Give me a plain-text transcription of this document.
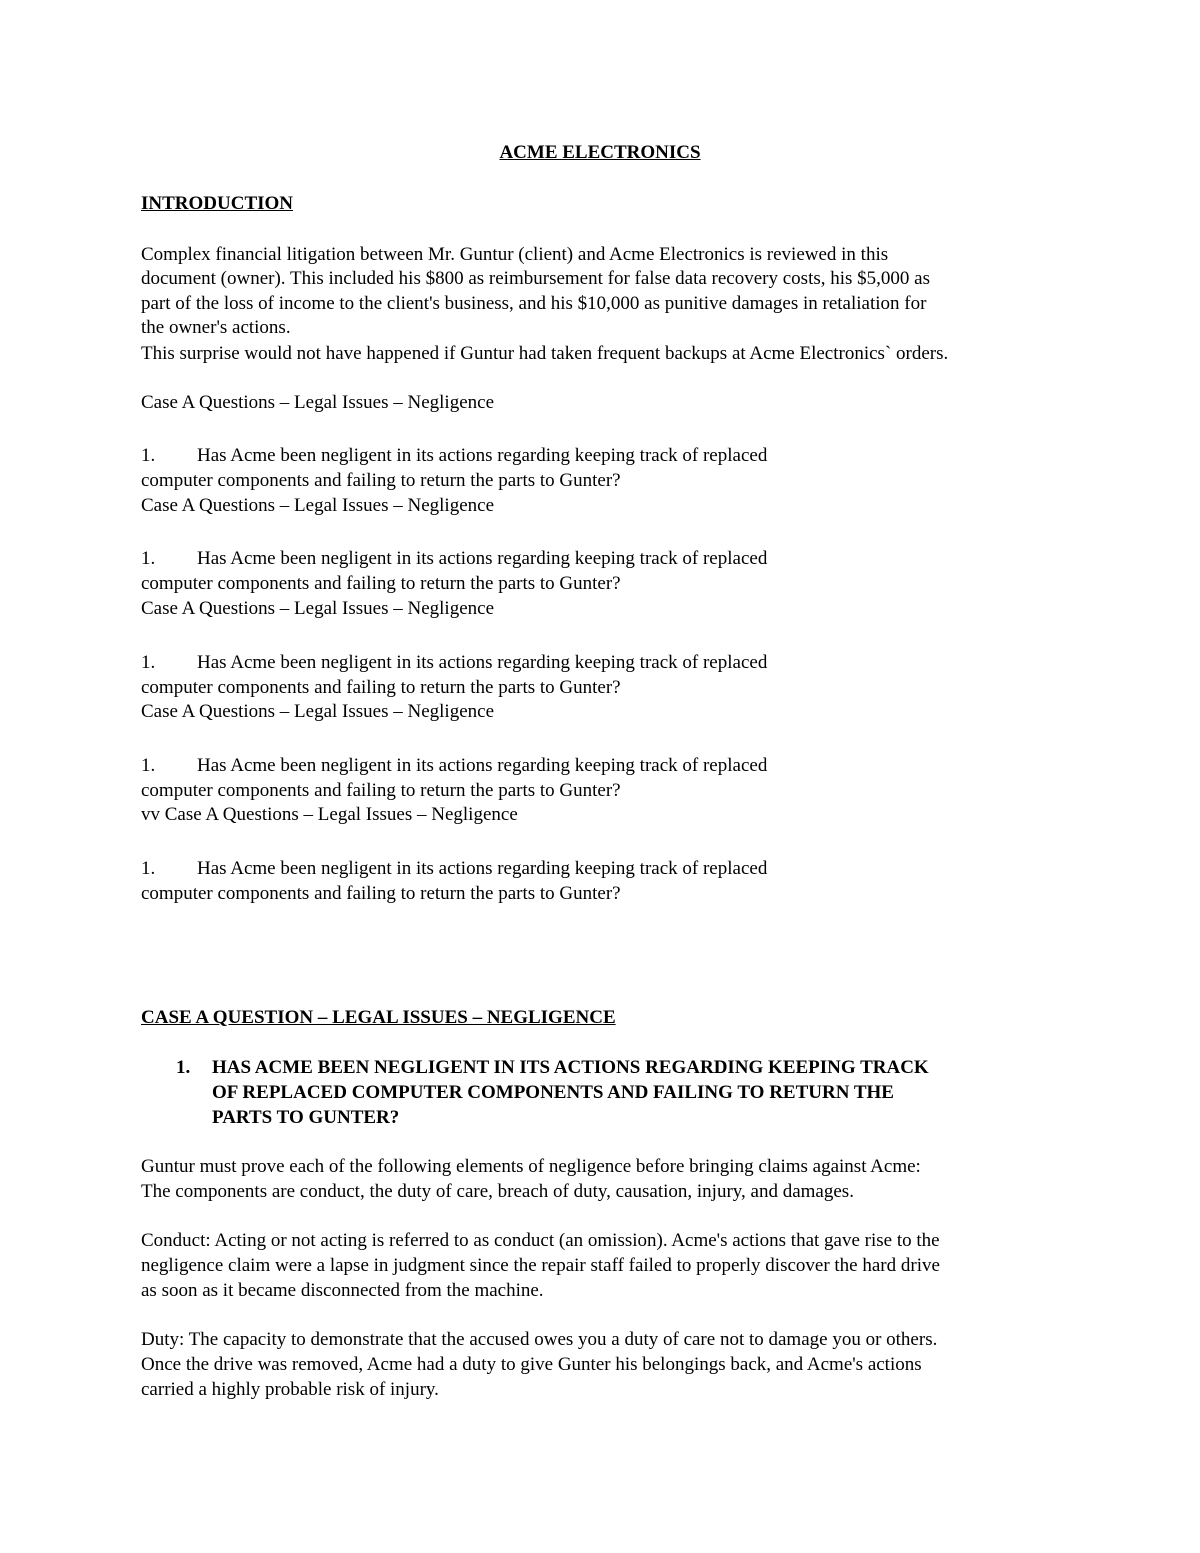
ACME ELECTRONICS
INTRODUCTION
Complex financial litigation between Mr. Guntur (client) and Acme Electronics is reviewed in this
document (owner). This included his $800 as reimbursement for false data recovery costs, his $5,000 as
part of the loss of income to the client's business, and his $10,000 as punitive damages in retaliation for
the owner's actions.
This surprise would not have happened if Guntur had taken frequent backups at Acme Electronics` orders.
Case A Questions – Legal Issues – Negligence
1. Has Acme been negligent in its actions regarding keeping track of replaced
computer components and failing to return the parts to Gunter?
Case A Questions – Legal Issues – Negligence
1. Has Acme been negligent in its actions regarding keeping track of replaced
computer components and failing to return the parts to Gunter?
Case A Questions – Legal Issues – Negligence
1. Has Acme been negligent in its actions regarding keeping track of replaced
computer components and failing to return the parts to Gunter?
Case A Questions – Legal Issues – Negligence
1. Has Acme been negligent in its actions regarding keeping track of replaced
computer components and failing to return the parts to Gunter?
vv Case A Questions – Legal Issues – Negligence
1. Has Acme been negligent in its actions regarding keeping track of replaced
computer components and failing to return the parts to Gunter?
CASE A QUESTION – LEGAL ISSUES – NEGLIGENCE
1. HAS ACME BEEN NEGLIGENT IN ITS ACTIONS REGARDING KEEPING TRACK
OF REPLACED COMPUTER COMPONENTS AND FAILING TO RETURN THE
PARTS TO GUNTER?
Guntur must prove each of the following elements of negligence before bringing claims against Acme:
The components are conduct, the duty of care, breach of duty, causation, injury, and damages.
Conduct: Acting or not acting is referred to as conduct (an omission). Acme's actions that gave rise to the
negligence claim were a lapse in judgment since the repair staff failed to properly discover the hard drive
as soon as it became disconnected from the machine.
Duty: The capacity to demonstrate that the accused owes you a duty of care not to damage you or others.
Once the drive was removed, Acme had a duty to give Gunter his belongings back, and Acme's actions
carried a highly probable risk of injury.
